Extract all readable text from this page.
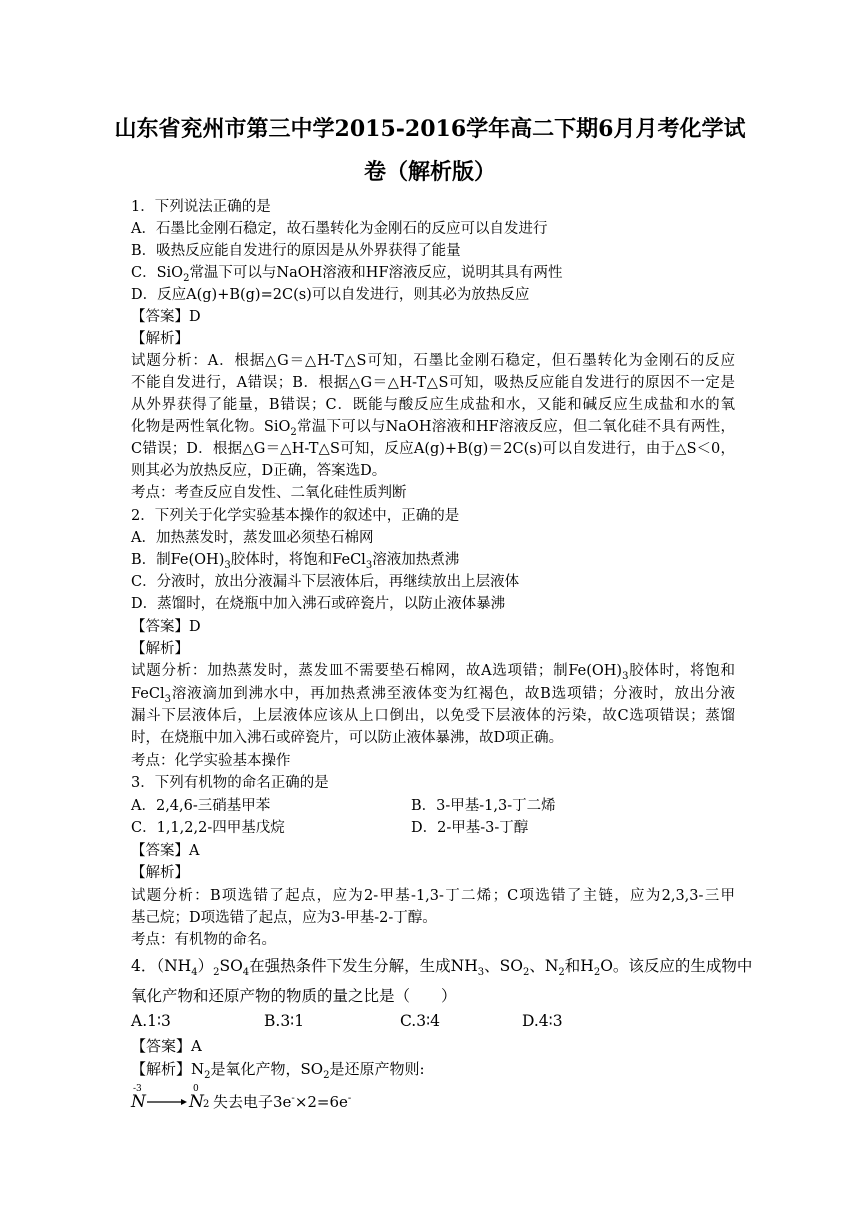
山东省兖州市第三中学2015-2016学年高二下期6月月考化学试
卷（解析版）
1．下列说法正确的是
A．石墨比金刚石稳定，故石墨转化为金刚石的反应可以自发进行
B．吸热反应能自发进行的原因是从外界获得了能量
C．SiO$_2$常温下可以与NaOH溶液和HF溶液反应，说明其具有两性
D．反应A(g)+B(g)=2C(s)可以自发进行，则其必为放热反应
【答案】D
【解析】
试题分析：A．根据△G＝△H-T△S可知，石墨比金刚石稳定，但石墨转化为金刚石的反应
不能自发进行，A错误；B．根据△G＝△H-T△S可知，吸热反应能自发进行的原因不一定是
从外界获得了能量，B错误；C．既能与酸反应生成盐和水，又能和碱反应生成盐和水的氧
化物是两性氧化物。SiO$_2$常温下可以与NaOH溶液和HF溶液反应，但二氧化硅不具有两性，
C错误；D．根据△G＝△H-T△S可知，反应A(g)+B(g)＝2C(s)可以自发进行，由于△S＜0，
则其必为放热反应，D正确，答案选D。
考点：考查反应自发性、二氧化硅性质判断
2．下列关于化学实验基本操作的叙述中，正确的是
A．加热蒸发时，蒸发皿必须垫石棉网
B．制$Fe(OH)_3$胶体时，将饱和FeCl$_3$溶液加热煮沸
C．分液时，放出分液漏斗下层液体后，再继续放出上层液体
D．蒸馏时，在烧瓶中加入沸石或碎瓷片，以防止液体暴沸
【答案】D
【解析】
试题分析：加热蒸发时，蒸发皿不需要垫石棉网，故A选项错；制$Fe(OH)_3$胶体时，将饱和
FeCl$_3$溶液滴加到沸水中，再加热煮沸至液体变为红褐色，故B选项错；分液时，放出分液
漏斗下层液体后，上层液体应该从上口倒出，以免受下层液体的污染，故C选项错误；蒸馏
时，在烧瓶中加入沸石或碎瓷片，可以防止液体暴沸，故D项正确。
考点：化学实验基本操作
3．下列有机物的命名正确的是
A．2,4,6-三硝基甲苯	B．3-甲基-1,3-丁二烯
C．1,1,2,2-四甲基戊烷	D．2-甲基-3-丁醇
【答案】A
【解析】
试题分析：B项选错了起点，应为2-甲基-1,3-丁二烯；C项选错了主链，应为2,3,3-三甲
基己烷；D项选错了起点，应为3-甲基-2-丁醇。
考点：有机物的命名。
4．$(NH_4)_2SO_4$在强热条件下发生分解，生成$NH_3$、$SO_2$、$N_2$和$H_2O$。该反应的生成物中
氧化产物和还原产物的物质的量之比是（　　）
A.1∶3	B.3∶1	C.3∶4	D.4∶3
【答案】A
【解析】$N_2$是氧化产物，$SO_2$是还原产物则:
-3
N →
0
N 2 失去电子3e-×2=6e-
